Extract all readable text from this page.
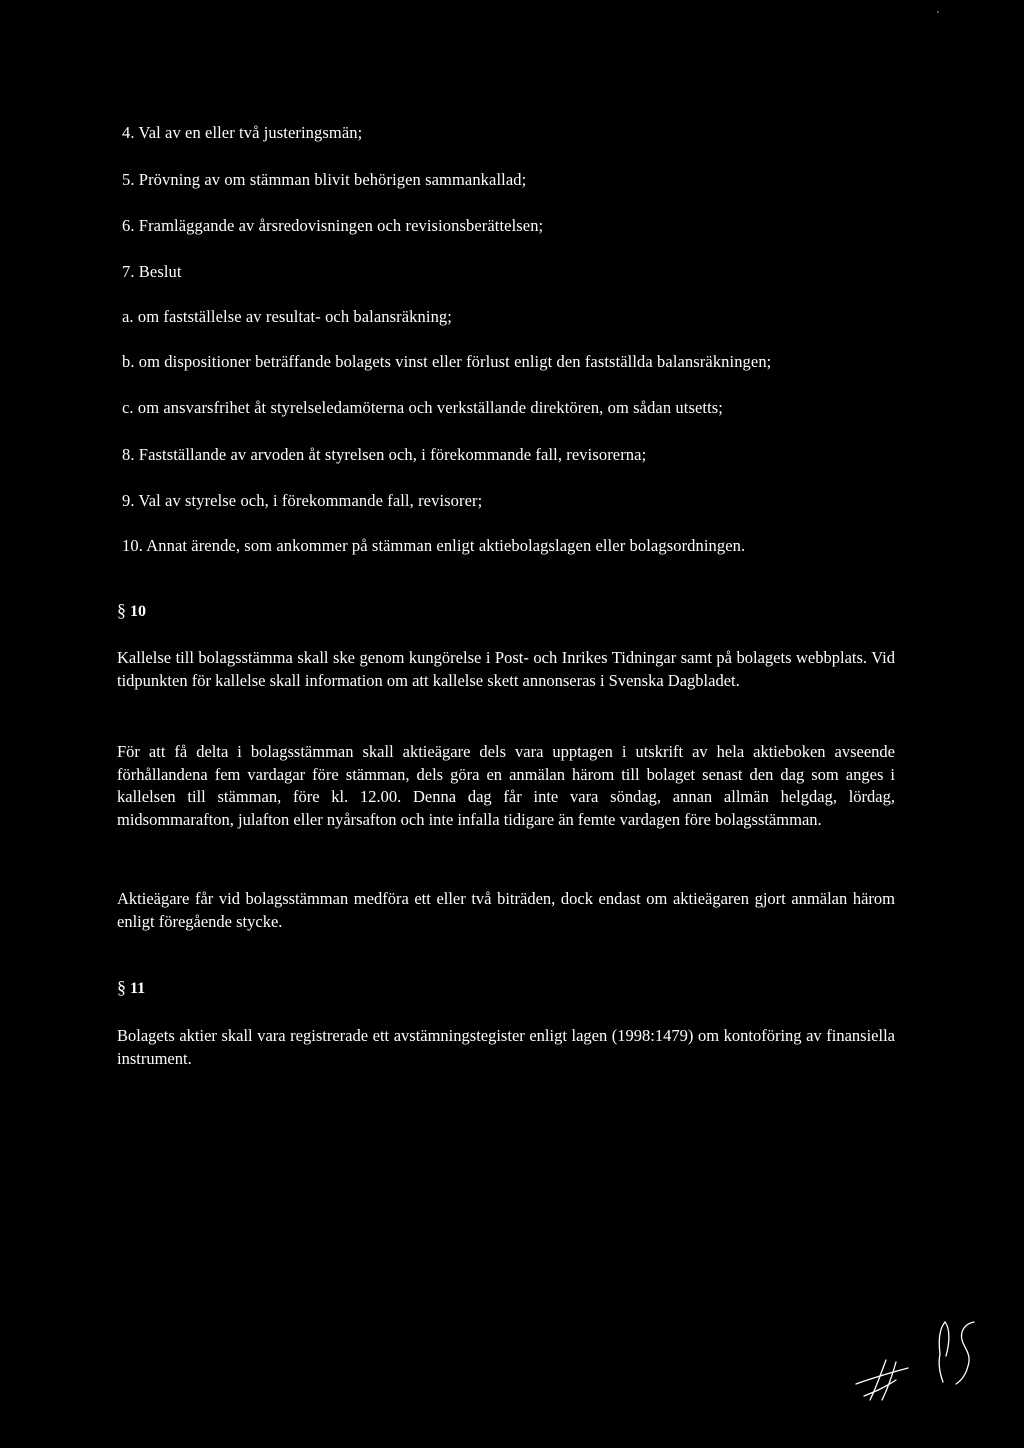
4. Val av en eller två justeringsmän;
5. Prövning av om stämman blivit behörigen sammankallad;
6. Framläggande av årsredovisningen och revisionsberättelsen;
7. Beslut
a. om fastställelse av resultat- och balansräkning;
b. om dispositioner beträffande bolagets vinst eller förlust enligt den fastställda balansräkningen;
c. om ansvarsfrihet åt styrelseledamöterna och verkställande direktören, om sådan utsetts;
8. Fastställande av arvoden åt styrelsen och, i förekommande fall, revisorerna;
9. Val av styrelse och, i förekommande fall, revisorer;
10. Annat ärende, som ankommer på stämman enligt aktiebolagslagen eller bolagsordningen.
§ 10
Kallelse till bolagsstämma skall ske genom kungörelse i Post- och Inrikes Tidningar samt på bolagets webbplats. Vid tidpunkten för kallelse skall information om att kallelse skett annonseras i Svenska Dagbladet.
För att få delta i bolagsstämman skall aktieägare dels vara upptagen i utskrift av hela aktieboken avseende förhållandena fem vardagar före stämman, dels göra en anmälan härom till bolaget senast den dag som anges i kallelsen till stämman, före kl. 12.00. Denna dag får inte vara söndag, annan allmän helgdag, lördag, midsommarafton, julafton eller nyårsafton och inte infalla tidigare än femte vardagen före bolagsstämman.
Aktieägare får vid bolagsstämman medföra ett eller två biträden, dock endast om aktieägaren gjort anmälan härom enligt föregående stycke.
§ 11
Bolagets aktier skall vara registrerade ett avstämningstegister enligt lagen (1998:1479) om kontoföring av finansiella instrument.
